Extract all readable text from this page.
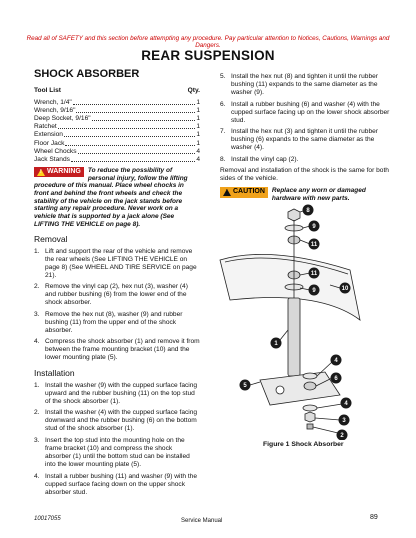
Read all of SAFETY and this section before attempting any procedure. Pay particular attention to Notices, Cautions, Warnings and Dangers.
REAR SUSPENSION
SHOCK ABSORBER
Tool List	Qty.
Wrench, 1/4"	1
Wrench, 9/16"	1
Deep Socket, 9/16"	1
Ratchet	1
Extension	1
Floor Jack	1
Wheel Chocks	4
Jack Stands	4
!
WARNING To reduce the possibility of personal injury, follow the lifting procedure of this manual. Place wheel chocks in front and behind the front wheels and check the stability of the vehicle on the jack stands before starting any repair procedure. Never work on a vehicle that is supported by a jack alone (See LIFTING THE VEHICLE on page 8).
Removal
1. Lift and support the rear of the vehicle and remove the rear wheels (See LIFTING THE VEHICLE on page 8) (See WHEEL AND TIRE SERVICE on page 21).
2. Remove the vinyl cap (2), hex nut (3), washer (4) and rubber bushing (6) from the lower end of the shock absorber.
3. Remove the hex nut (8), washer (9) and rubber bushing (11) from the upper end of the shock absorber.
4. Compress the shock absorber (1) and remove it from between the frame mounting bracket (10) and the lower mounting plate (5).
Installation
1. Install the washer (9) with the cupped surface facing upward and the rubber bushing (11) on the top stud of the shock absorber (1).
2. Install the washer (4) with the cupped surface facing downward and the rubber bushing (6) on the bottom stud of the shock absorber (1).
3. Insert the top stud into the mounting hole on the frame bracket (10) and compress the shock absorber (1) until the bottom stud can be installed into the lower mounting plate (5).
4. Install a rubber bushing (11) and washer (9) with the cupped surface facing down on the upper shock absorber stud.
5. Install the hex nut (8) and tighten it until the rubber bushing (11) expands to the same diameter as the washer (9).
6. Install a rubber bushing (6) and washer (4) with the cupped surface facing up on the lower shock absorber stud.
7. Install the hex nut (3) and tighten it until the rubber bushing (6) expands to the same diameter as the washer (4).
8. Install the vinyl cap (2).
Removal and installation of the shock is the same for both sides of the vehicle.
!
CAUTION Replace any worn or damaged hardware with new parts.
8
9
11
11
9	10
1
4
6
5
4
3
2
Figure 1 Shock Absorber
10017055	Service Manual	89
